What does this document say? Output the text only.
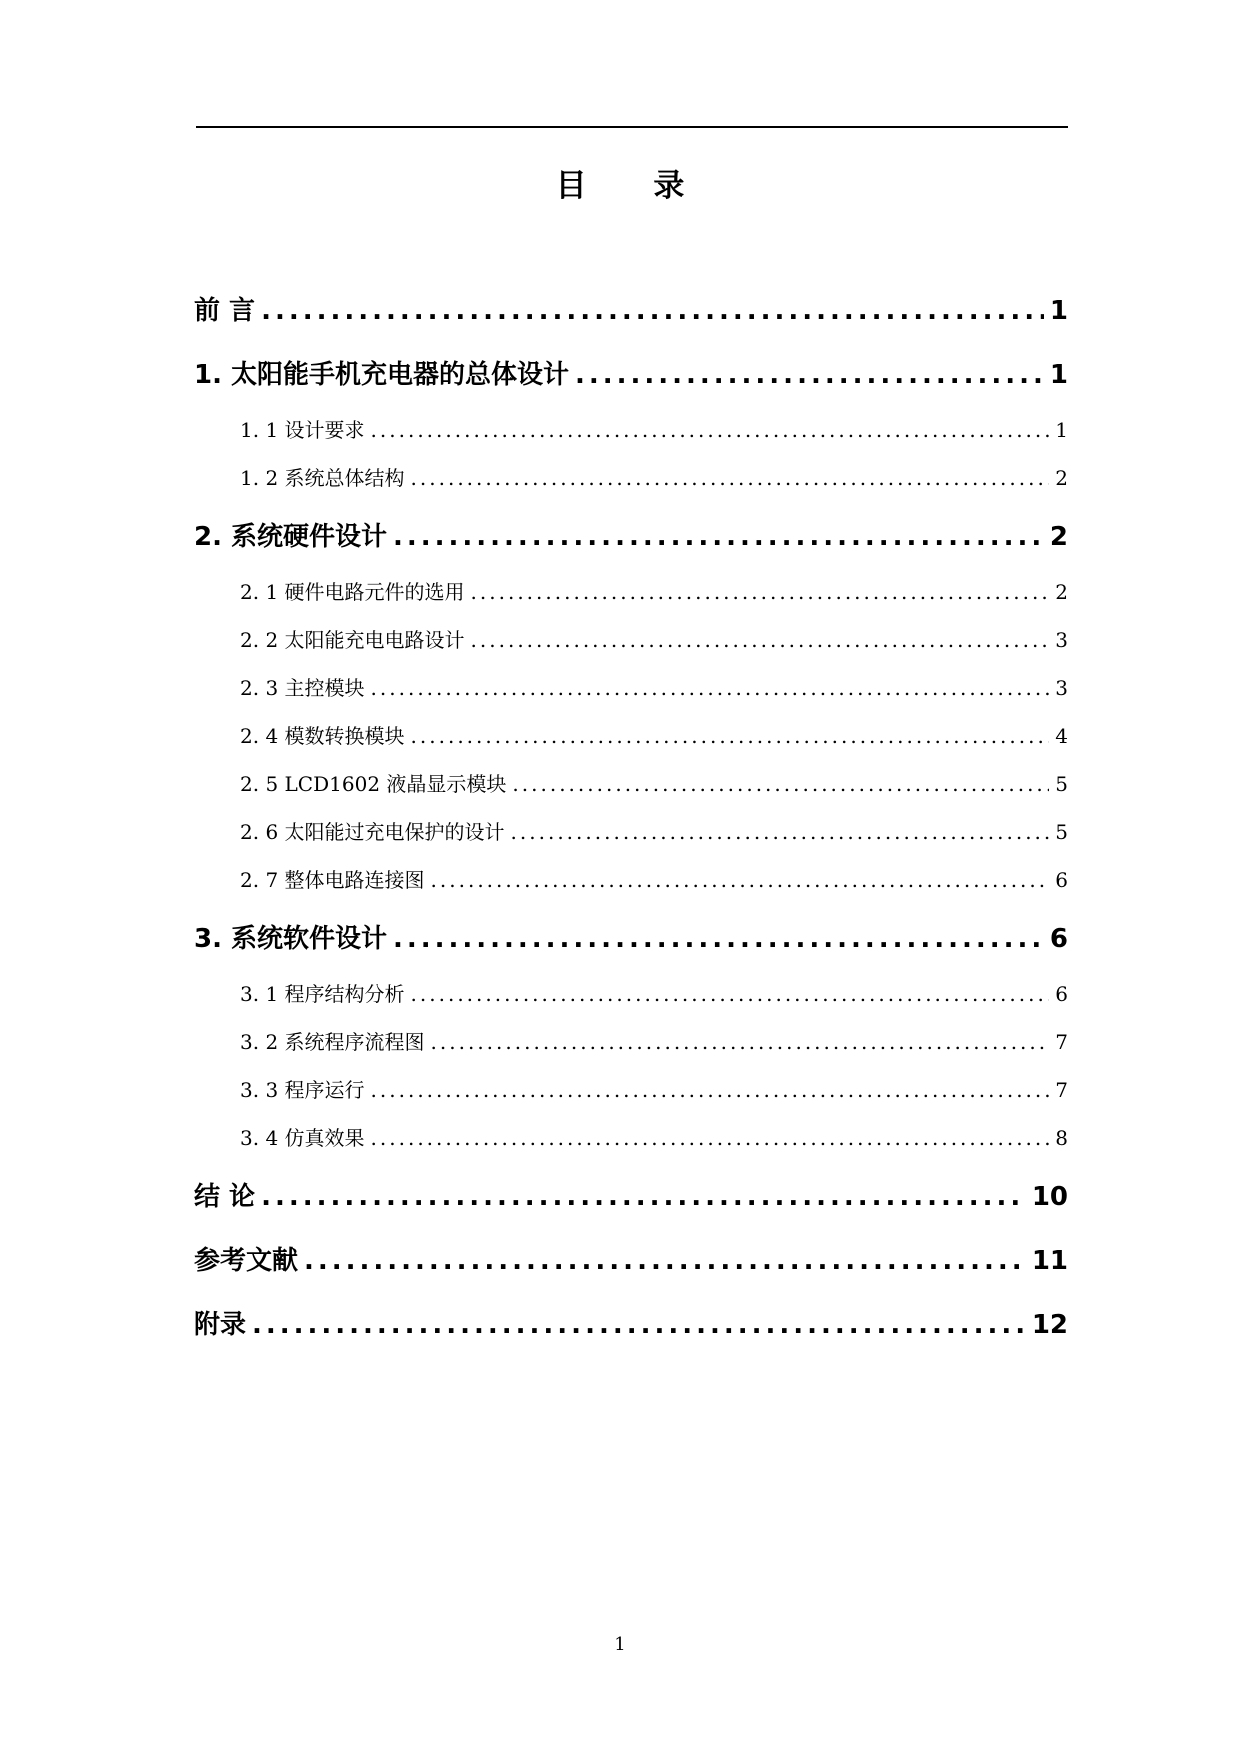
目 录
前 言 .....	1
1. 太阳能手机充电器的总体设计 .....	1
1. 1 设计要求 .....	1
1. 2 系统总体结构 .....	2
2. 系统硬件设计 .....	2
2. 1 硬件电路元件的选用 .....	2
2. 2 太阳能充电电路设计 .....	3
2. 3 主控模块 .....	3
2. 4 模数转换模块 .....	4
2. 5 LCD1602 液晶显示模块 .....	5
2. 6 太阳能过充电保护的设计 .....	5
2. 7 整体电路连接图 .....	6
3. 系统软件设计 .....	6
3. 1 程序结构分析 .....	6
3. 2 系统程序流程图 .....	7
3. 3 程序运行 .....	7
3. 4 仿真效果 .....	8
结 论 .....	10
参考文献 .....	11
附录 .....	12
1
